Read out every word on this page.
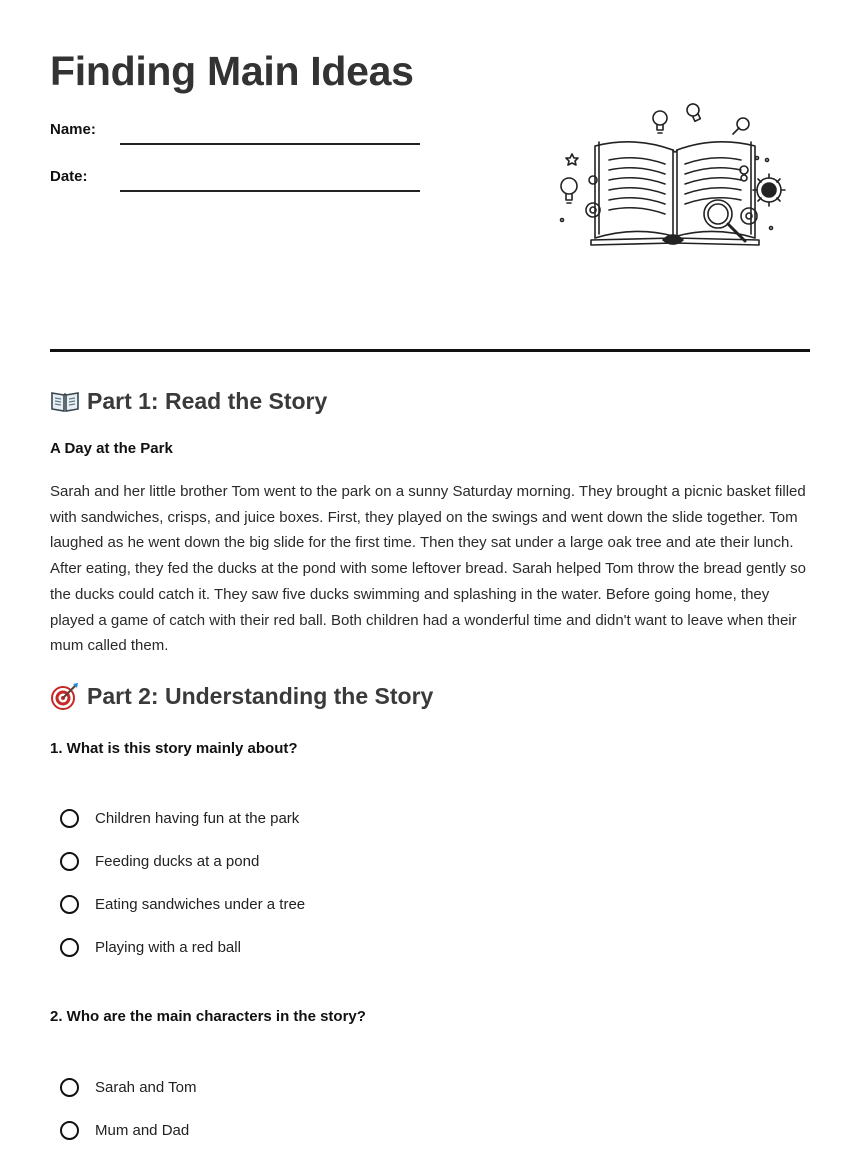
Finding Main Ideas
Name:
Date:
Part 1: Read the Story
A Day at the Park

Sarah and her little brother Tom went to the park on a sunny Saturday morning. They brought a picnic basket filled with sandwiches, crisps, and juice boxes. First, they played on the swings and went down the slide together. Tom laughed as he went down the big slide for the first time. Then they sat under a large oak tree and ate their lunch. After eating, they fed the ducks at the pond with some leftover bread. Sarah helped Tom throw the bread gently so the ducks could catch it. They saw five ducks swimming and splashing in the water. Before going home, they played a game of catch with their red ball. Both children had a wonderful time and didn't want to leave when their mum called them.

Part 2: Understanding the Story

1. What is this story mainly about?

Children having fun at the park
Feeding ducks at a pond
Eating sandwiches under a tree
Playing with a red ball

2. Who are the main characters in the story?

Sarah and Tom
Mum and Dad
